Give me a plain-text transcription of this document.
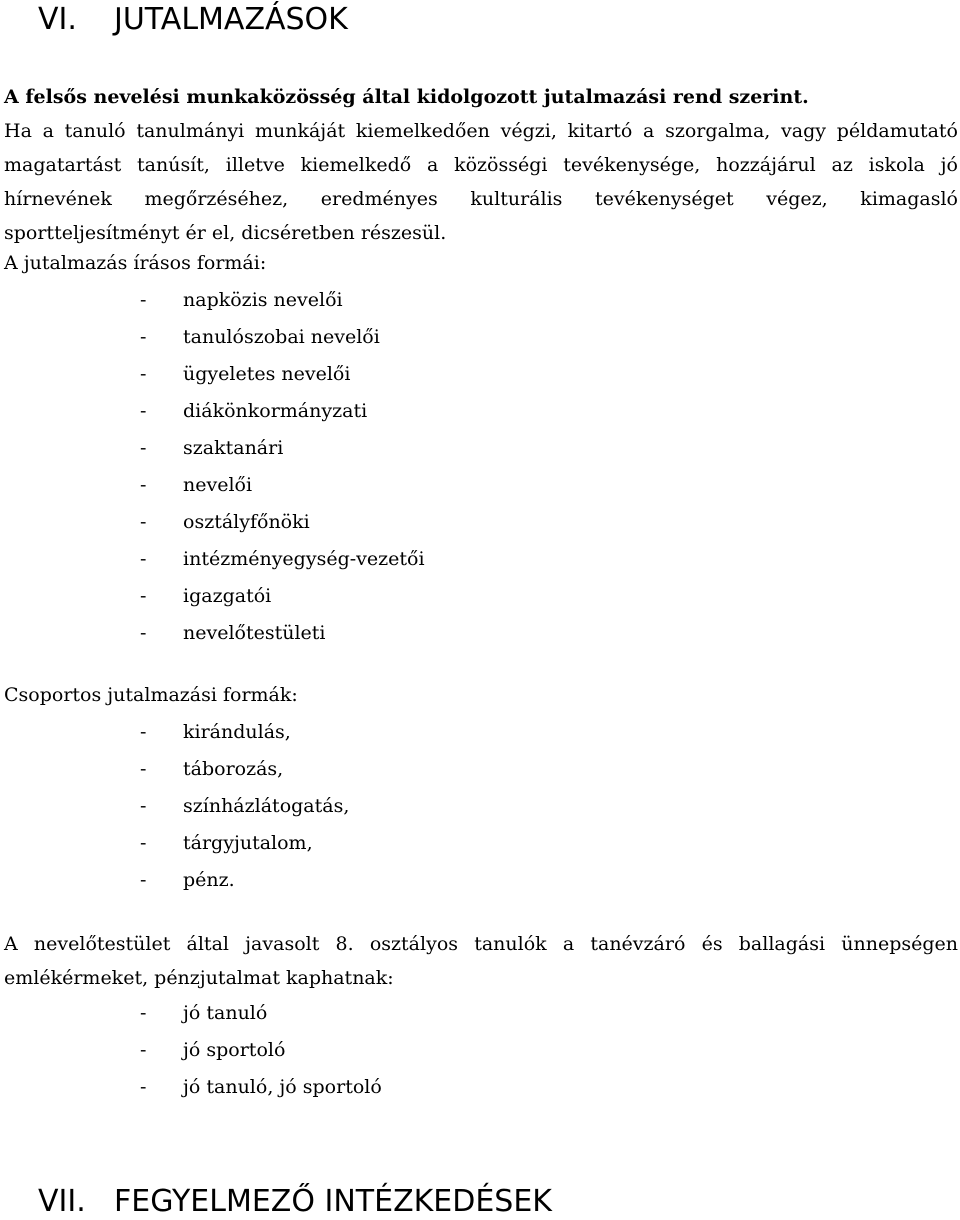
VI. JUTALMAZÁSOK
A felsős nevelési munkaközösség által kidolgozott jutalmazási rend szerint.
Ha a tanuló tanulmányi munkáját kiemelkedően végzi, kitartó a szorgalma, vagy példamutató magatartást tanúsít, illetve kiemelkedő a közösségi tevékenysége, hozzájárul az iskola jó hírnevének megőrzéséhez, eredményes kulturális tevékenységet végez, kimagasló sportteljesítményt ér el, dicséretben részesül.
A jutalmazás írásos formái:
- napközis nevelői
- tanulószobai nevelői
- ügyeletes nevelői
- diákönkormányzati
- szaktanári
- nevelői
- osztályfőnöki
- intézményegység-vezetői
- igazgatói
- nevelőtestületi
Csoportos jutalmazási formák:
- kirándulás,
- táborozás,
- színházlátogatás,
- tárgyjutalom,
- pénz.
A nevelőtestület által javasolt 8. osztályos tanulók a tanévzáró és ballagási ünnepségen emlékérmeket, pénzjutalmat kaphatnak:
- jó tanuló
- jó sportoló
- jó tanuló, jó sportoló
VII. FEGYELMEZŐ INTÉZKEDÉSEK
